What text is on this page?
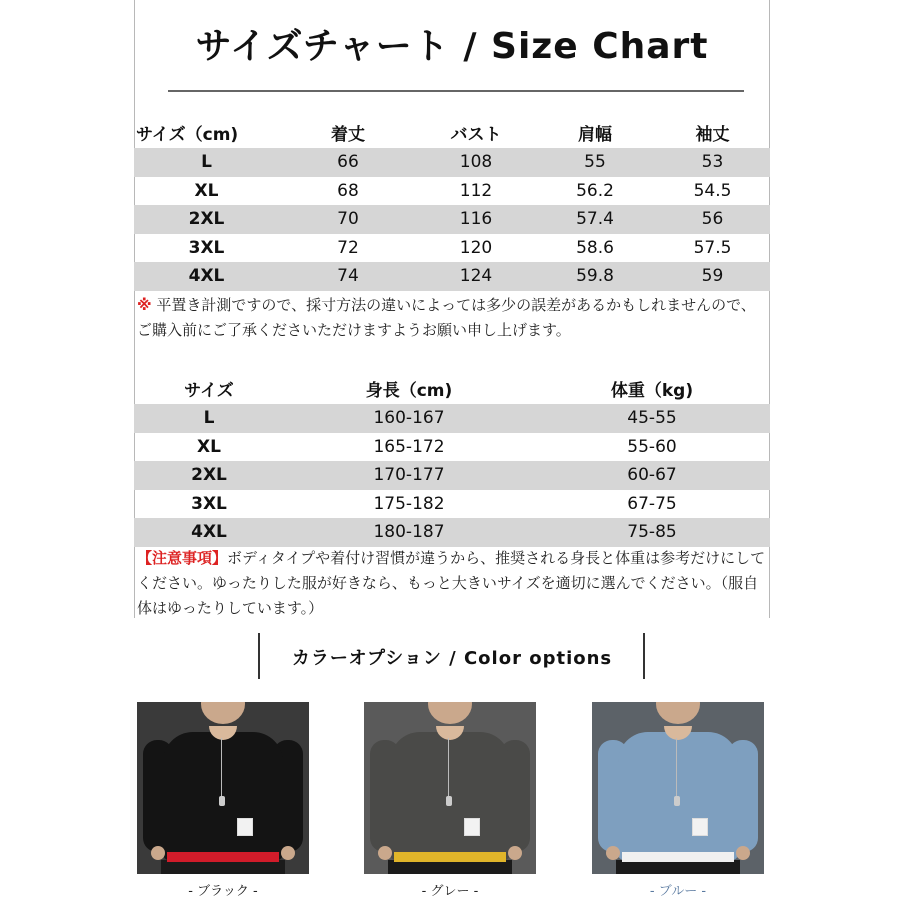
サイズチャート / Size Chart
サイズ（cm)	着丈	バスト	肩幅	袖丈
L	66	108	55	53
XL	68	112	56.2	54.5
2XL	70	116	57.4	56
3XL	72	120	58.6	57.5
4XL	74	124	59.8	59
※ 平置き計測ですので、採寸方法の違いによっては多少の誤差があるかもしれませんので、ご購入前にご了承くださいただけますようお願い申し上げます。
サイズ	身長（cm)	体重（kg)
L	160-167	45-55
XL	165-172	55-60
2XL	170-177	60-67
3XL	175-182	67-75
4XL	180-187	75-85
【注意事項】ボディタイプや着付け習慣が違うから、推奨される身長と体重は参考だけにしてください。ゆったりした服が好きなら、もっと大きいサイズを適切に選んでください。（服自体はゆったりしています。）
カラーオプション / Color options
- ブラック -	- グレー -	- ブルー -
